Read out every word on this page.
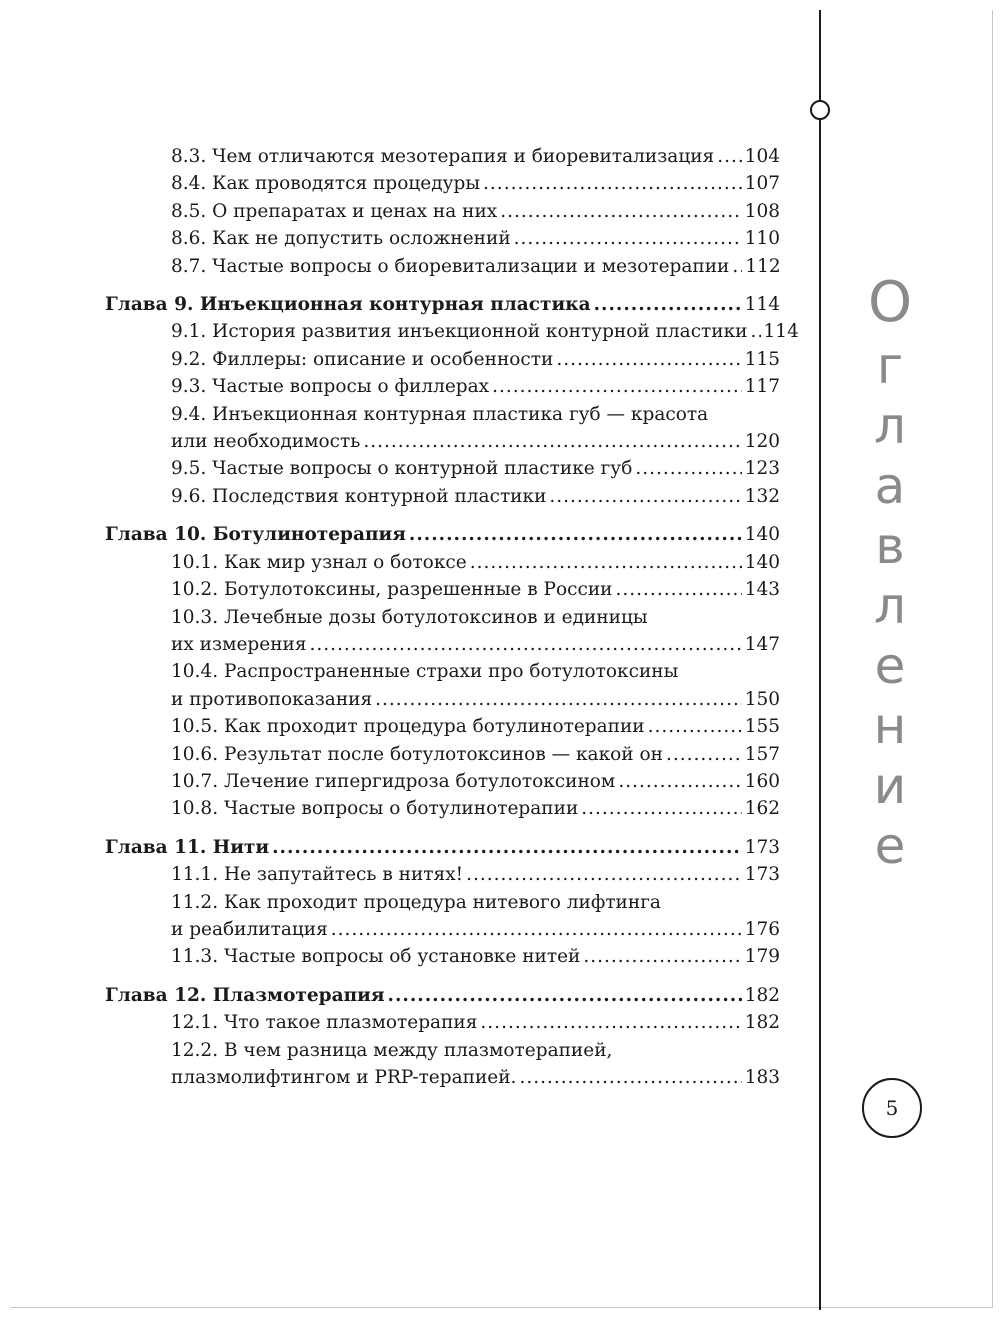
О
г
л
а
в
л
е
н
и
е
5
8.3. Чем отличаются мезотерапия и биоревитализация ..... 104
8.4. Как проводятся процедуры .....	107
8.5. О препаратах и ценах на них .....	108
8.6. Как не допустить осложнений .....	110
8.7. Частые вопросы о биоревитализации и мезотерапии ..... 112
Глава 9. Инъекционная контурная пластика .....	114
9.1. История развития инъекционной контурной пластики ..... 114
9.2. Филлеры: описание и особенности .....	115
9.3. Частые вопросы о филлерах .....	117
9.4. Инъекционная контурная пластика губ — красота
или необходимость .....	120
9.5. Частые вопросы о контурной пластике губ .....	123
9.6. Последствия контурной пластики .....	132
Глава 10. Ботулинотерапия .....	140
10.1. Как мир узнал о ботоксе .....	140
10.2. Ботулотоксины, разрешенные в России .....	143
10.3. Лечебные дозы ботулотоксинов и единицы
их измерения .....	147
10.4. Распространенные страхи про ботулотоксины
и противопоказания .....	150
10.5. Как проходит процедура ботулинотерапии .....	155
10.6. Результат после ботулотоксинов — какой он .....	157
10.7. Лечение гипергидроза ботулотоксином .....	160
10.8. Частые вопросы о ботулинотерапии .....	162
Глава 11. Нити .....	173
11.1. Не запутайтесь в нитях! .....	173
11.2. Как проходит процедура нитевого лифтинга
и реабилитация .....	176
11.3. Частые вопросы об установке нитей .....	179
Глава 12. Плазмотерапия .....	182
12.1. Что такое плазмотерапия .....	182
12.2. В чем разница между плазмотерапией,
плазмолифтингом и PRP-терапией. .....	183
